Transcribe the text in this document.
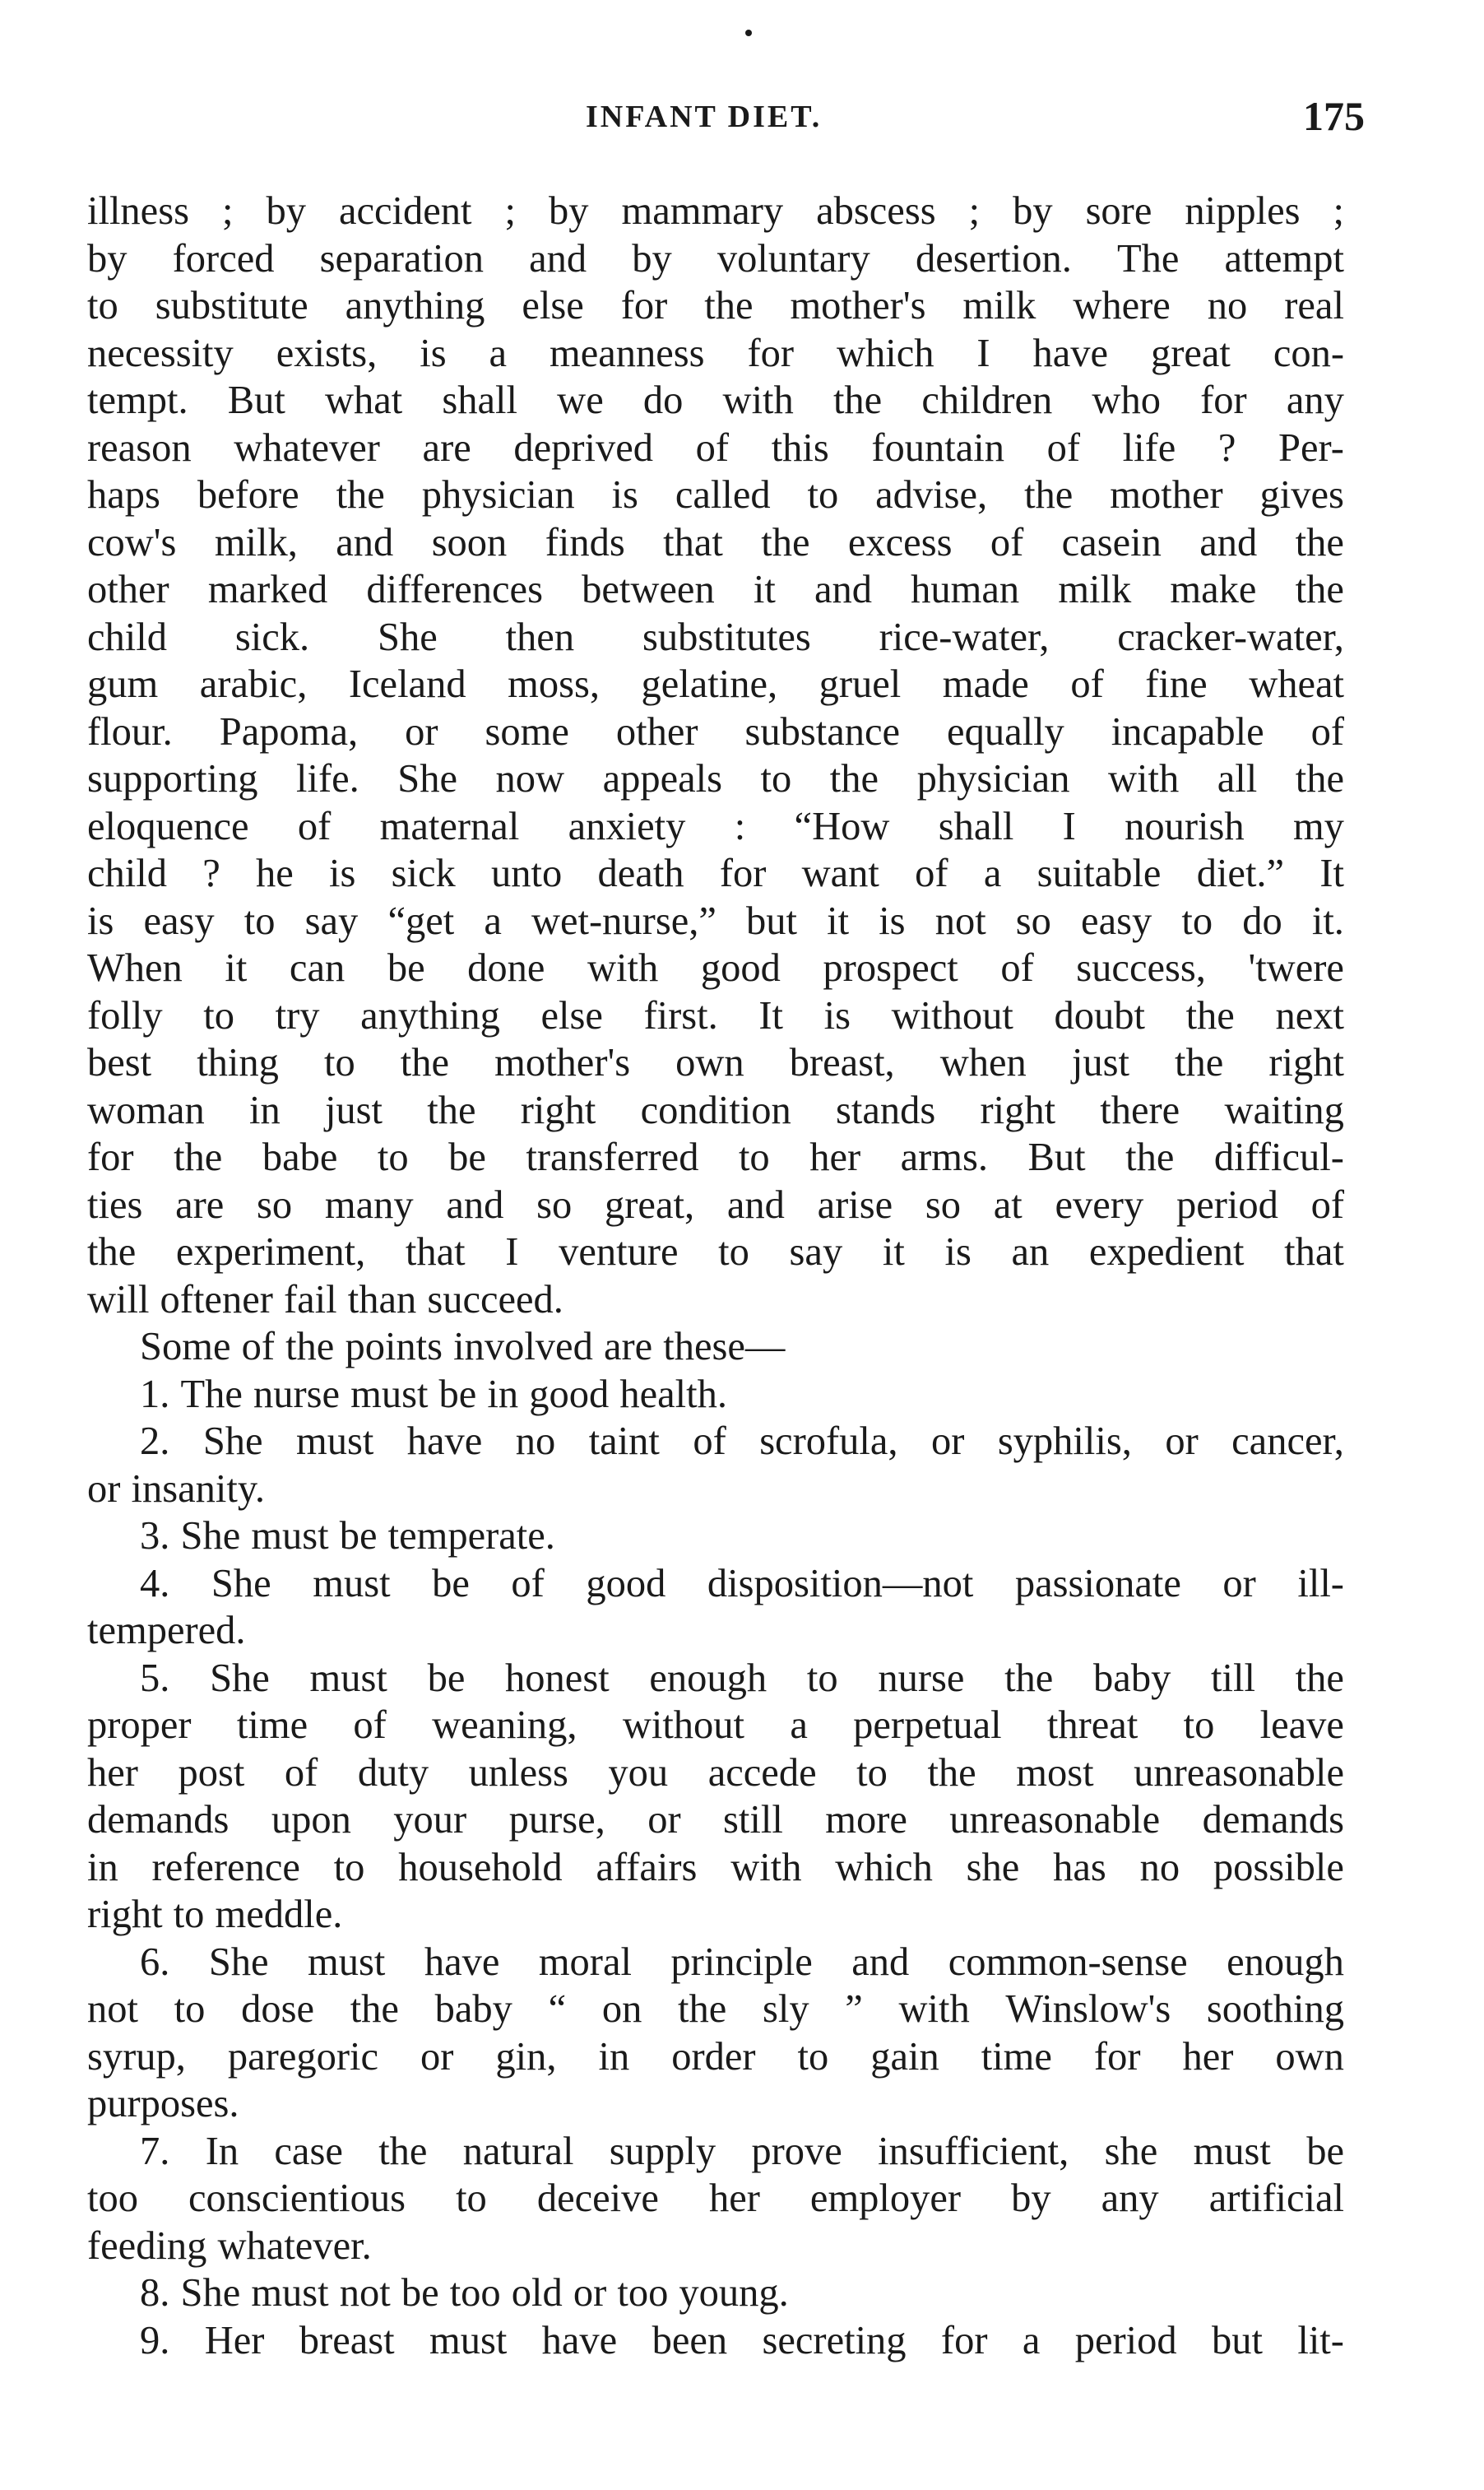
INFANT DIET.	175
illness ; by accident ; by mammary abscess ; by sore nipples ;
by forced separation and by voluntary desertion. The attempt
to substitute anything else for the mother's milk where no real
necessity exists, is a meanness for which I have great con-
tempt. But what shall we do with the children who for any
reason whatever are deprived of this fountain of life ? Per-
haps before the physician is called to advise, the mother gives
cow's milk, and soon finds that the excess of casein and the
other marked differences between it and human milk make the
child sick. She then substitutes rice-water, cracker-water,
gum arabic, Iceland moss, gelatine, gruel made of fine wheat
flour. Papoma, or some other substance equally incapable of
supporting life. She now appeals to the physician with all the
eloquence of maternal anxiety : “How shall I nourish my
child ? he is sick unto death for want of a suitable diet.” It
is easy to say “get a wet-nurse,” but it is not so easy to do it.
When it can be done with good prospect of success, 'twere
folly to try anything else first. It is without doubt the next
best thing to the mother's own breast, when just the right
woman in just the right condition stands right there waiting
for the babe to be transferred to her arms. But the difficul-
ties are so many and so great, and arise so at every period of
the experiment, that I venture to say it is an expedient that
will oftener fail than succeed.
Some of the points involved are these—
1. The nurse must be in good health.
2. She must have no taint of scrofula, or syphilis, or cancer,
or insanity.
3. She must be temperate.
4. She must be of good disposition—not passionate or ill-
tempered.
5. She must be honest enough to nurse the baby till the
proper time of weaning, without a perpetual threat to leave
her post of duty unless you accede to the most unreasonable
demands upon your purse, or still more unreasonable demands
in reference to household affairs with which she has no possible
right to meddle.
6. She must have moral principle and common-sense enough
not to dose the baby “ on the sly ” with Winslow's soothing
syrup, paregoric or gin, in order to gain time for her own
purposes.
7. In case the natural supply prove insufficient, she must be
too conscientious to deceive her employer by any artificial
feeding whatever.
8. She must not be too old or too young.
9. Her breast must have been secreting for a period but lit-
